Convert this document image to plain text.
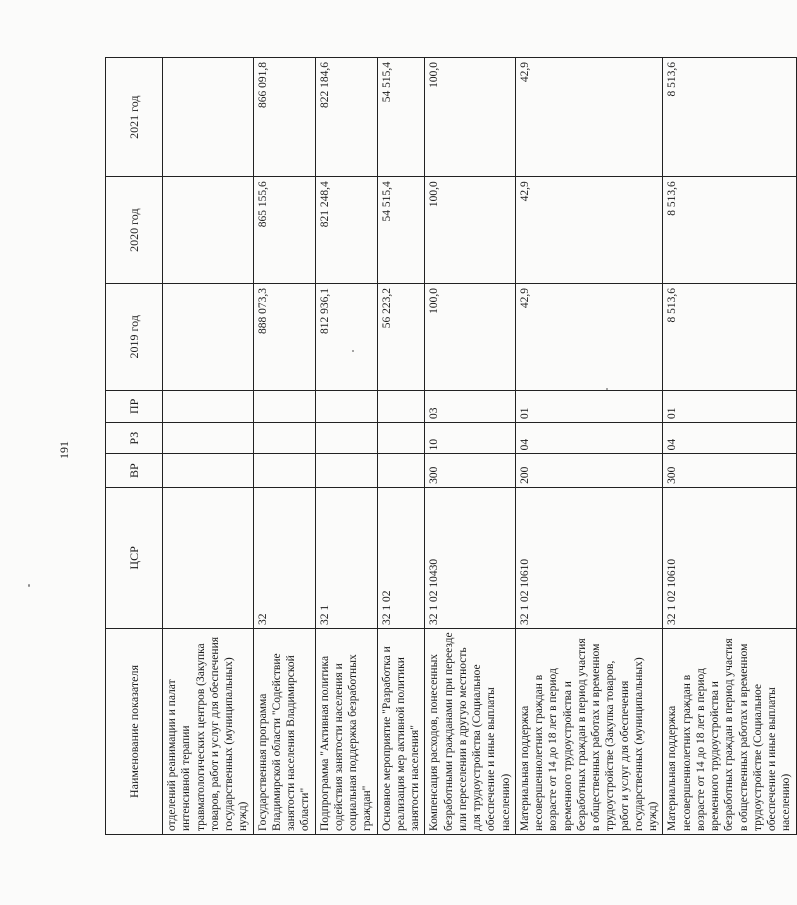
191
Наименование показателя	ЦСР	ВР	РЗ	ПР	2019 год	2020 год	2021 год
отделений реанимации и палат интенсивной терапии травматологических центров (Закупка товаров, работ и услуг для обеспечения государственных (муниципальных) нужд)							
Государственная программа Владимирской области "Содействие занятости населения Владимирской области"	32				888 073,3	865 155,6	866 091,8
Подпрограмма "Активная политика содействия занятости населения и социальная поддержка безработных граждан"	32 1				812 936,1	821 248,4	822 184,6
Основное мероприятие "Разработка и реализация мер активной политики занятости населения"	32 1 02				56 223,2	54 515,4	54 515,4
Компенсация расходов, понесенных безработными гражданами при переезде или переселении в другую местность для трудоустройства (Социальное обеспечение и иные выплаты населению)	32 1 02 10430	300	10	03	100,0	100,0	100,0
Материальная поддержка несовершеннолетних граждан в возрасте от 14 до 18 лет в период временного трудоустройства и безработных граждан в период участия в общественных работах и временном трудоустройстве (Закупка товаров, работ и услуг для обеспечения государственных (муниципальных) нужд)	32 1 02 10610	200	04	01	42,9	42,9	42,9
Материальная поддержка несовершеннолетних граждан в возрасте от 14 до 18 лет в период временного трудоустройства и безработных граждан в период участия в общественных работах и временном трудоустройстве (Социальное обеспечение и иные выплаты населению)	32 1 02 10610	300	04	01	8 513,6	8 513,6	8 513,6
